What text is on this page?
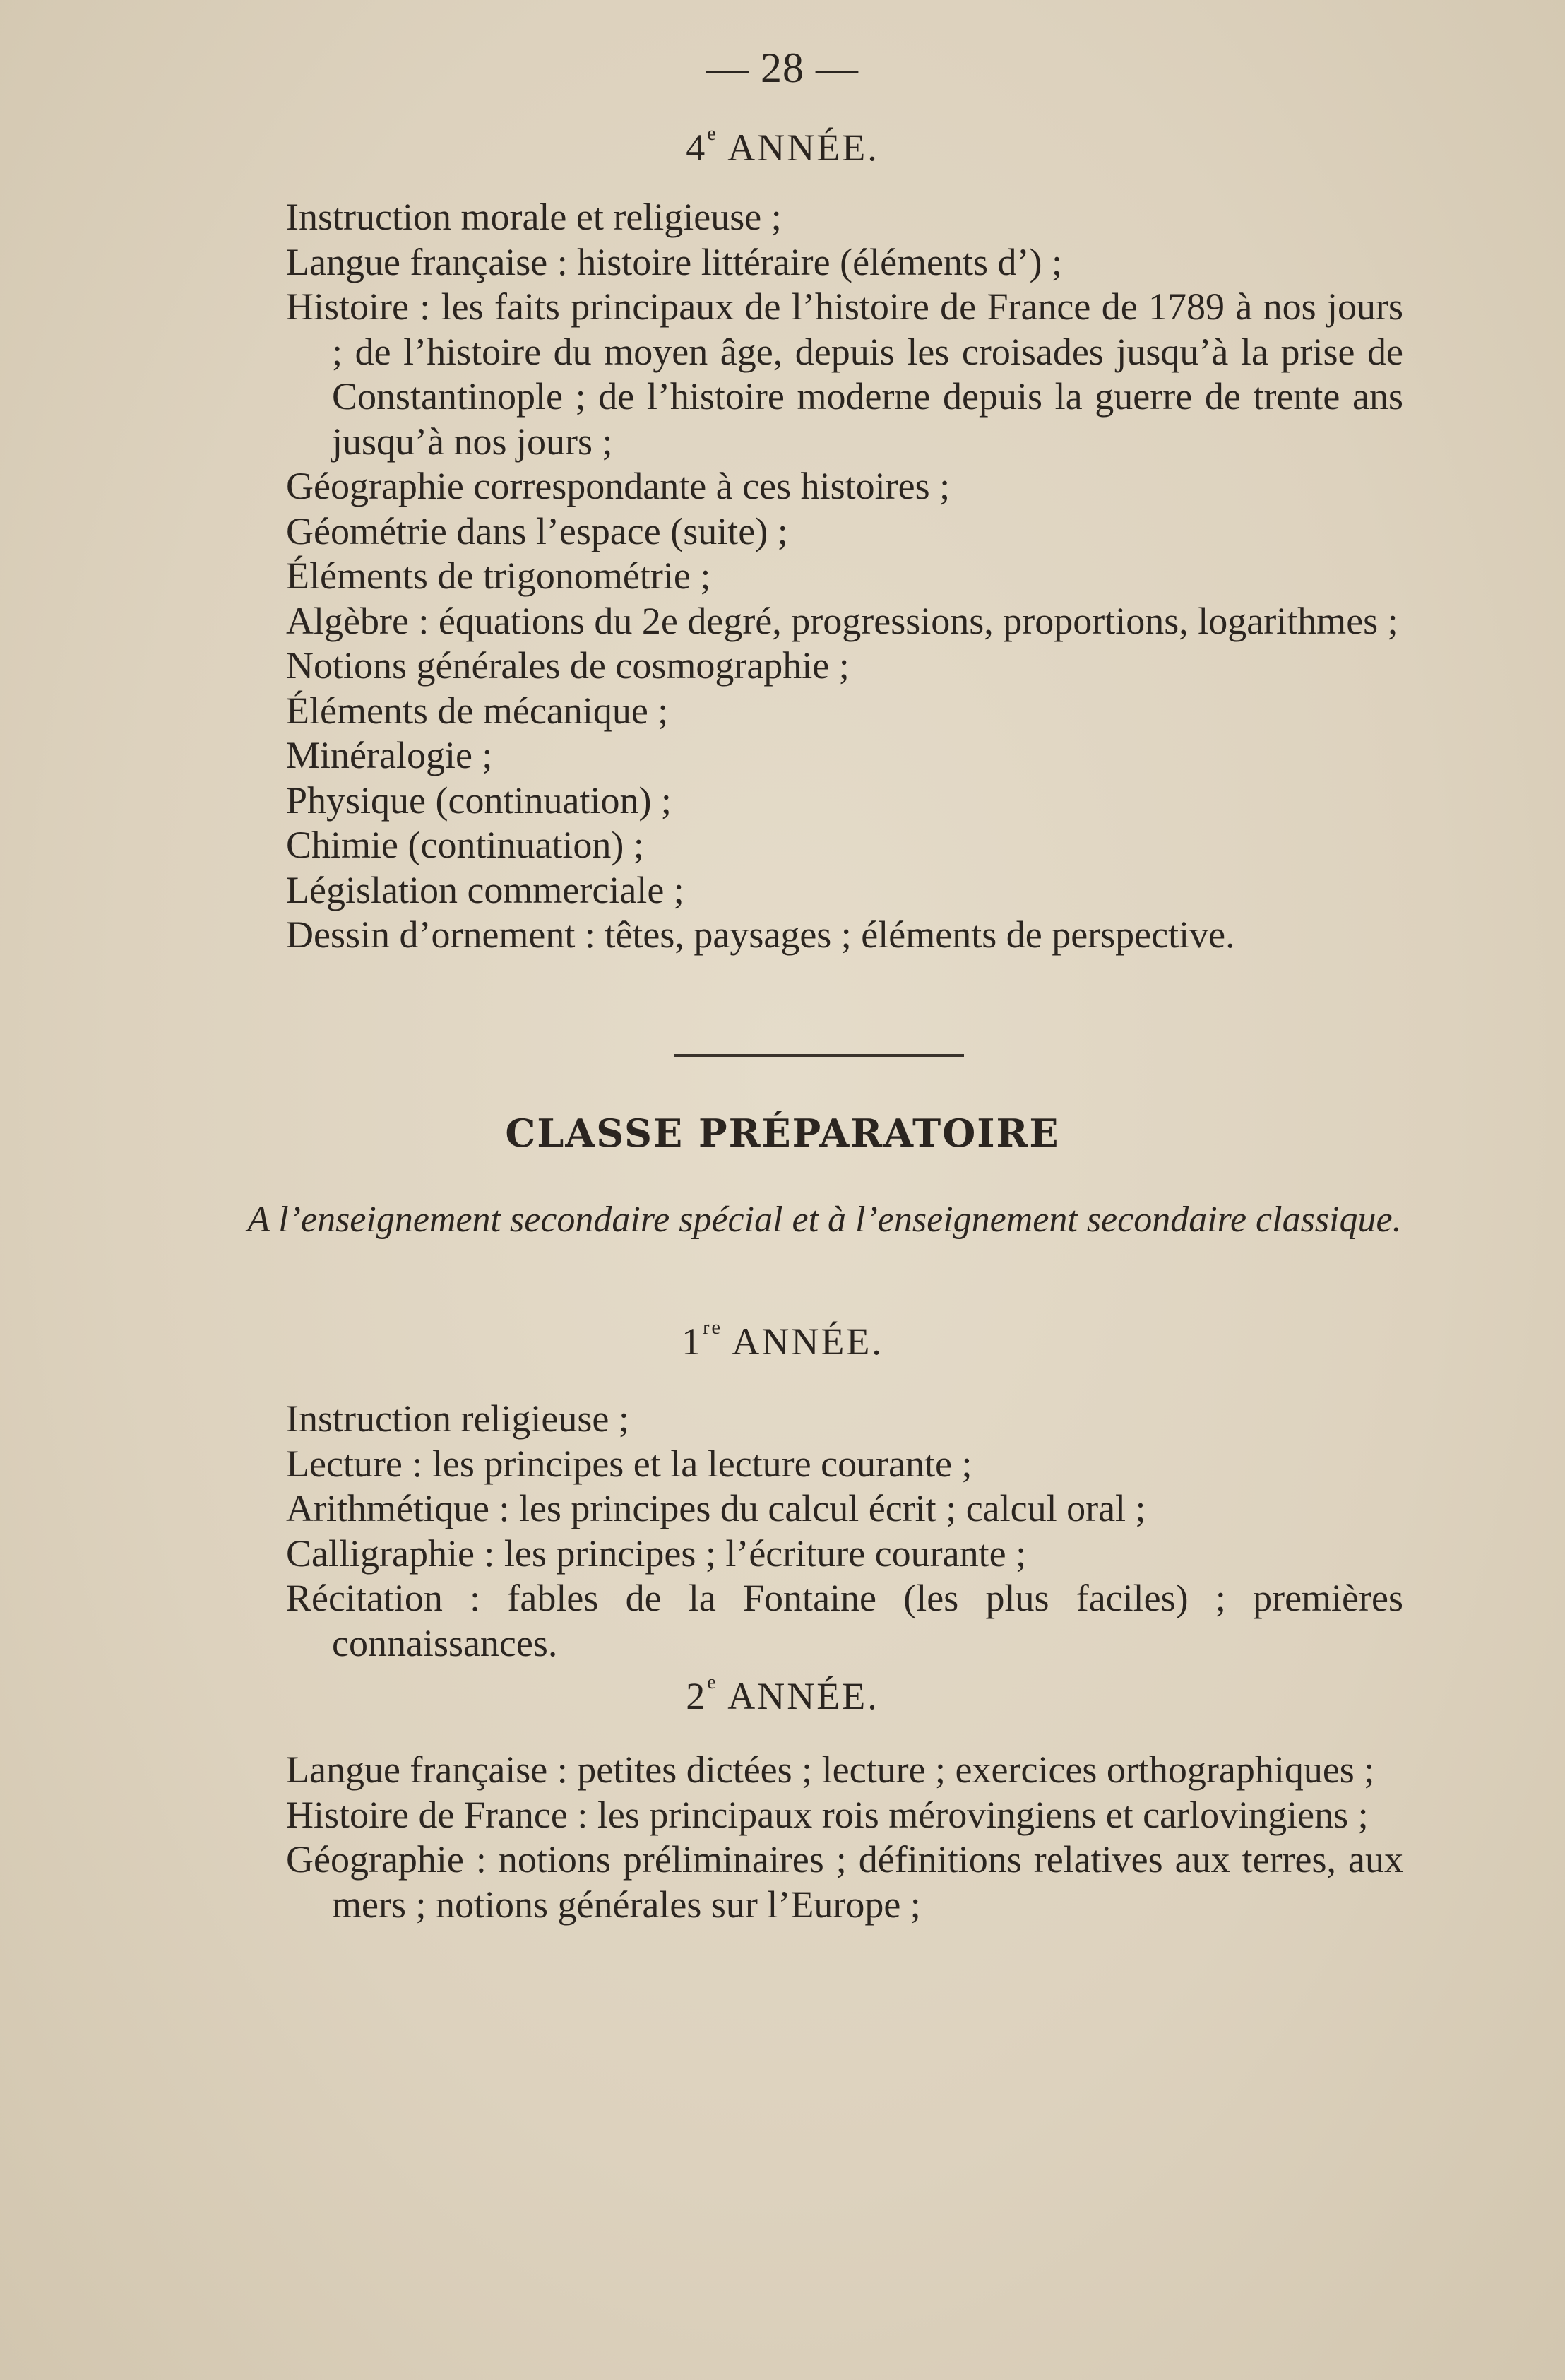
— 28 —
4e ANNÉE.
Instruction morale et religieuse ;
Langue française : histoire littéraire (éléments d’) ;
Histoire : les faits principaux de l’histoire de France de 1789 à nos jours ; de l’histoire du moyen âge, depuis les croisades jusqu’à la prise de Constantinople ; de l’histoire moderne depuis la guerre de trente ans jusqu’à nos jours ;
Géographie correspondante à ces histoires ;
Géométrie dans l’espace (suite) ;
Éléments de trigonométrie ;
Algèbre : équations du 2e degré, progressions, proportions, logarithmes ;
Notions générales de cosmographie ;
Éléments de mécanique ;
Minéralogie ;
Physique (continuation) ;
Chimie (continuation) ;
Législation commerciale ;
Dessin d’ornement : têtes, paysages ; éléments de perspective.
CLASSE PRÉPARATOIRE
A l’enseignement secondaire spécial et à l’enseignement secondaire classique.
1re ANNÉE.
Instruction religieuse ;
Lecture : les principes et la lecture courante ;
Arithmétique : les principes du calcul écrit ; calcul oral ;
Calligraphie : les principes ; l’écriture courante ;
Récitation : fables de la Fontaine (les plus faciles) ; premières connaissances.
2e ANNÉE.
Langue française : petites dictées ; lecture ; exercices orthographiques ;
Histoire de France : les principaux rois mérovingiens et carlovingiens ;
Géographie : notions préliminaires ; définitions relatives aux terres, aux mers ; notions générales sur l’Europe ;
